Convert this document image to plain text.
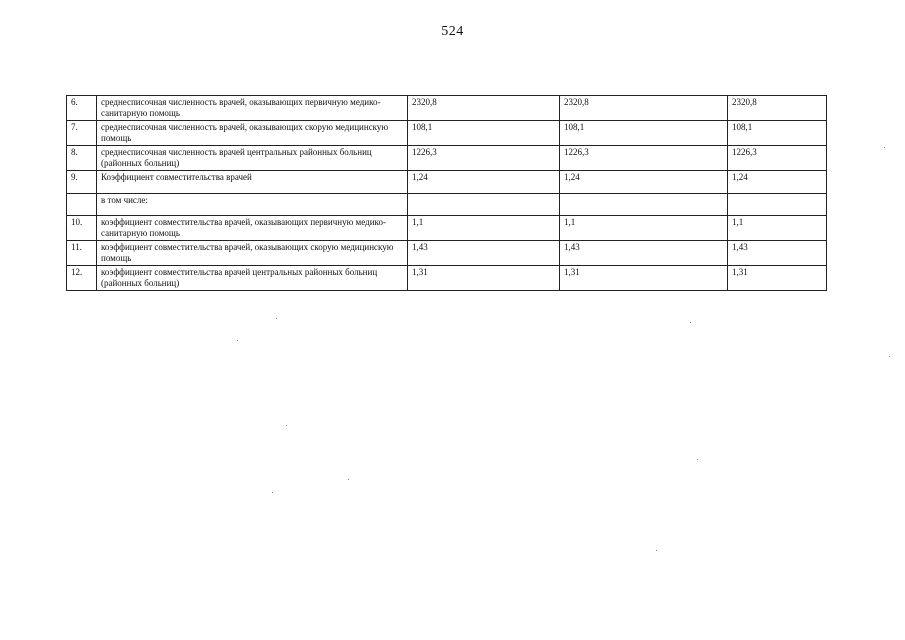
524
6.	среднесписочная численность врачей, оказывающих первичную медико-санитарную помощь	2320,8	2320,8	2320,8
7.	среднесписочная численность врачей, оказывающих скорую медицинскую помощь	108,1	108,1	108,1
8.	среднесписочная численность врачей центральных районных больниц (районных больниц)	1226,3	1226,3	1226,3
9.	Коэффициент совместительства врачей	1,24	1,24	1,24
	в том числе:			
10.	коэффициент совместительства врачей, оказывающих первичную медико-санитарную помощь	1,1	1,1	1,1
11.	коэффициент совместительства врачей, оказывающих скорую медицинскую помощь	1,43	1,43	1,43
12.	коэффициент совместительства врачей центральных районных больниц (районных больниц)	1,31	1,31	1,31
